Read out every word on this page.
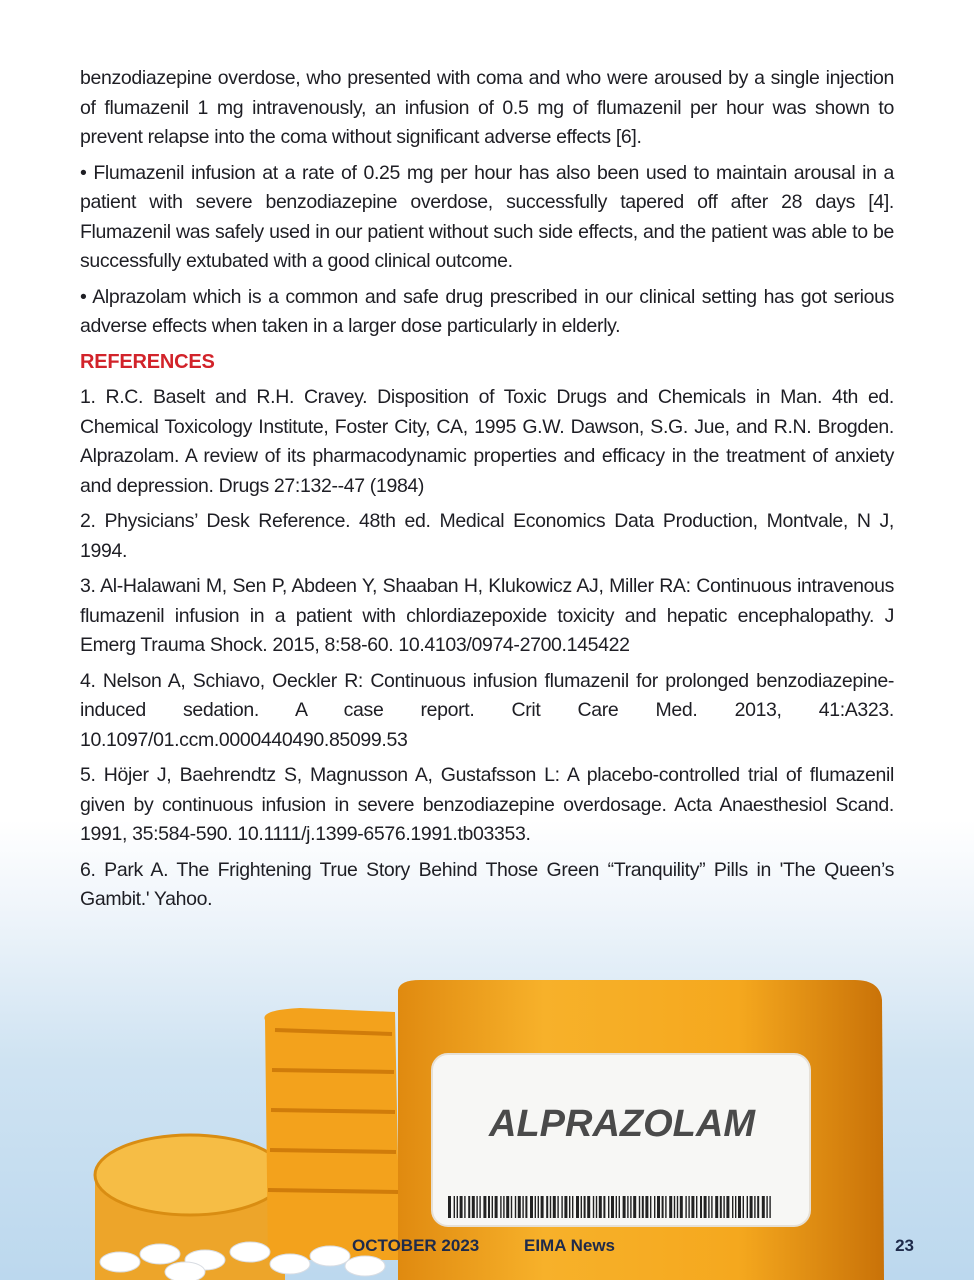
benzodiazepine overdose, who presented with coma and who were aroused by a single injection of flumazenil 1 mg intravenously, an infusion of 0.5 mg of flumazenil per hour was shown to prevent relapse into the coma without significant adverse effects [6].

• Flumazenil infusion at a rate of 0.25 mg per hour has also been used to maintain arousal in a patient with severe benzodiazepine overdose, successfully tapered off after 28 days [4]. Flumazenil was safely used in our patient without such side effects, and the patient was able to be successfully extubated with a good clinical outcome.

• Alprazolam which is a common and safe drug prescribed in our clinical setting has got serious adverse effects when taken in a larger dose particularly in elderly.

REFERENCES

1. R.C. Baselt and R.H. Cravey. Disposition of Toxic Drugs and Chemicals in Man. 4th ed. Chemical Toxicology Institute, Foster City, CA, 1995 G.W. Dawson, S.G. Jue, and R.N. Brogden. Alprazolam. A review of its pharmacodynamic properties and efficacy in the treatment of anxiety and depression. Drugs 27:132--47 (1984)

2. Physicians’ Desk Reference. 48th ed. Medical Economics Data Production, Montvale, N J, 1994.

3. Al-Halawani M, Sen P, Abdeen Y, Shaaban H, Klukowicz AJ, Miller RA: Continuous intravenous flumazenil infusion in a patient with chlordiazepoxide toxicity and hepatic encephalopathy. J Emerg Trauma Shock. 2015, 8:58-60. 10.4103/0974-2700.145422

4. Nelson A, Schiavo, Oeckler R: Continuous infusion flumazenil for prolonged benzodiazepine-induced sedation. A case report. Crit Care Med. 2013, 41:A323. 10.1097/01.ccm.0000440490.85099.53

5. Höjer J, Baehrendtz S, Magnusson A, Gustafsson L: A placebo-controlled trial of flumazenil given by continuous infusion in severe benzodiazepine overdosage. Acta Anaesthesiol Scand. 1991, 35:584-590. 10.1111/j.1399-6576.1991.tb03353.

6. Park A. The Frightening True Story Behind Those Green “Tranquility” Pills in 'The Queen’s Gambit.' Yahoo.

ALPRAZOLAM
OCTOBER 2023	EIMA News	23
